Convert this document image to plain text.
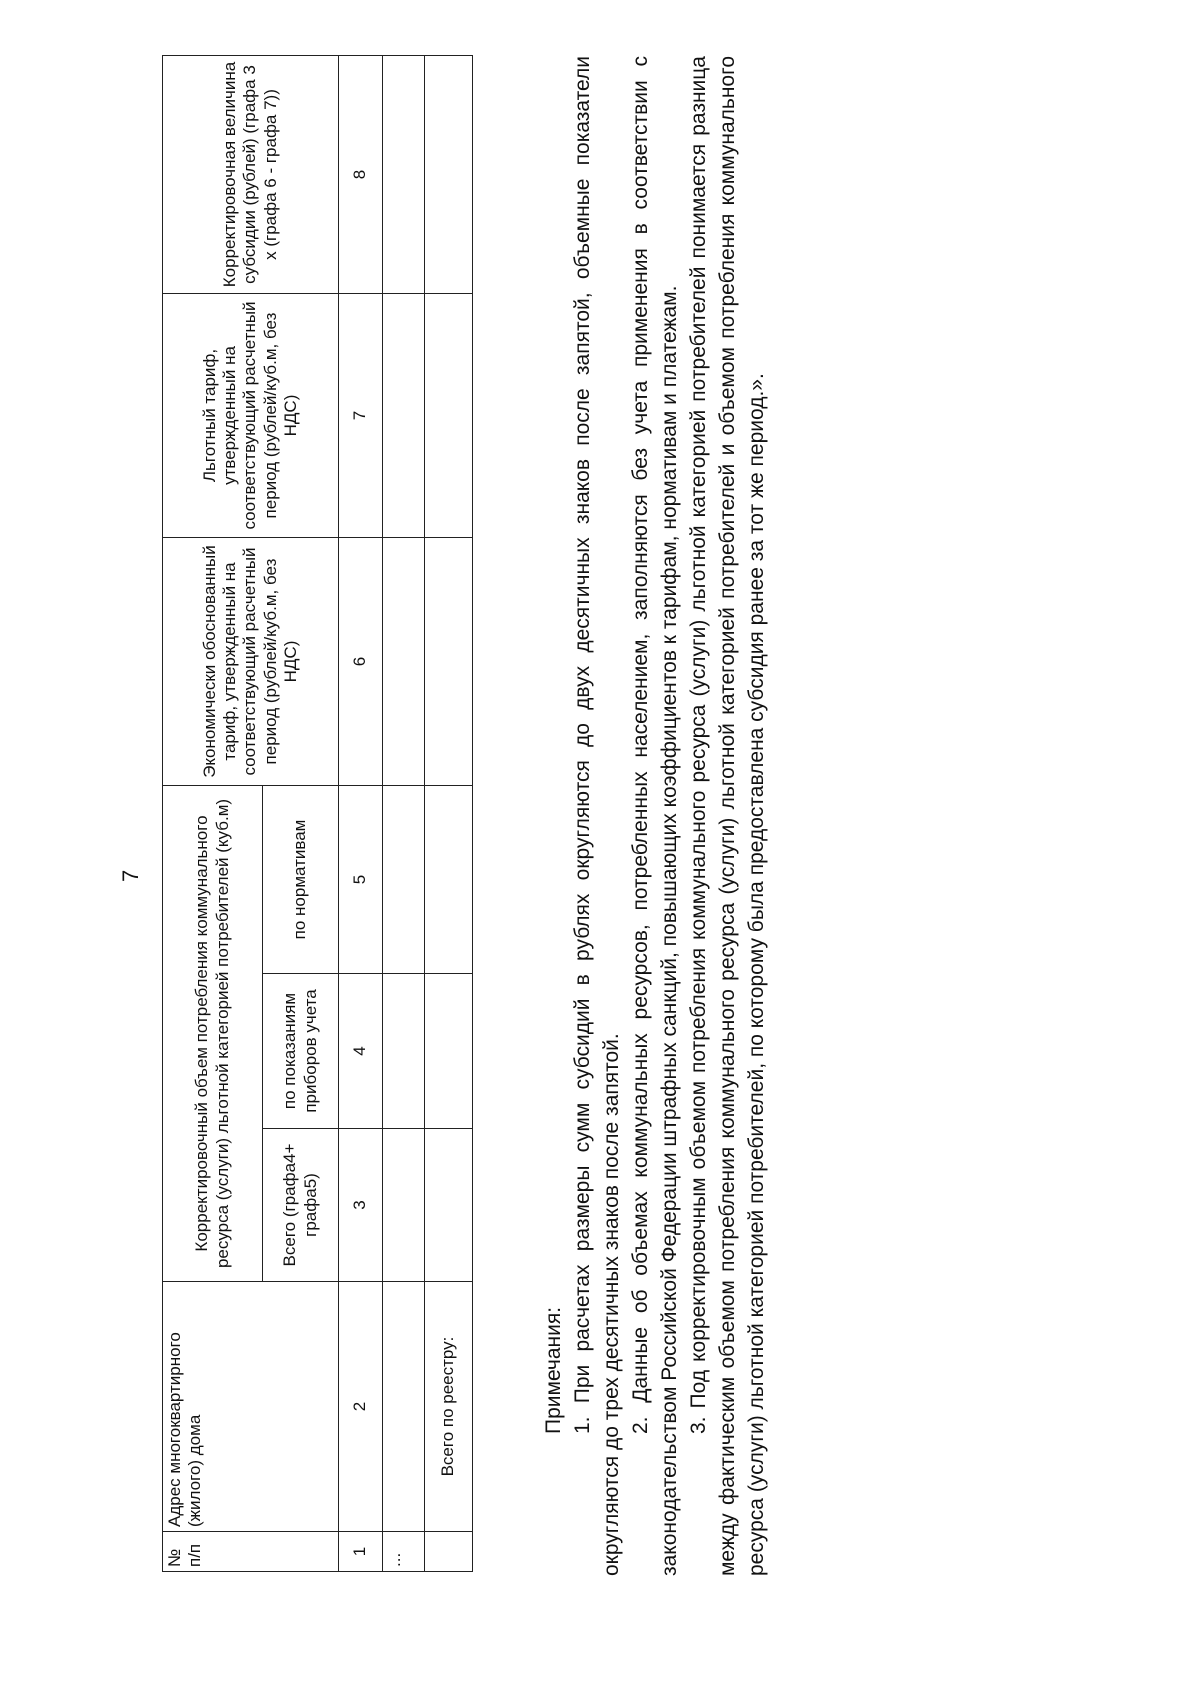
7
№ п/п	Адрес многоквартирного (жилого) дома	Корректировочный объем потребления коммунального ресурса (услуги) льготной категорией потребителей (куб.м)			Экономически обоснованный тариф, утвержденный на соответствующий расчетный период (рублей/куб.м, без НДС)	Льготный тариф, утвержденный на соответствующий расчетный период (рублей/куб.м, без НДС)	Корректировочная величина субсидии (рублей) (графа 3 x (графа 6 - графа 7))
		Всего (графа4+ графа5)	по показаниям приборов учета	по нормативам			
1	2	3	4	5	6	7	8
...							
	Всего по реестру:							Примечания: 1. При расчетах размеры сумм субсидий в рублях округляются до двух десятичных знаков после запятой, объемные показатели округляются до трех десятичных знаков после запятой. 2. Данные об объемах коммунальных ресурсов, потребленных населением, заполняются без учета применения в соответствии с законодательством Российской Федерации штрафных санкций, повышающих коэффициентов к тарифам, нормативам и платежам. 3. Под корректировочным объемом потребления коммунального ресурса (услуги) льготной категорией потребителей понимается разница между фактическим объемом потребления коммунального ресурса (услуги) льготной категорией потребителей и объемом потребления коммунального ресурса (услуги) льготной категорией потребителей, по которому была предоставлена субсидия ранее за тот же период.».
